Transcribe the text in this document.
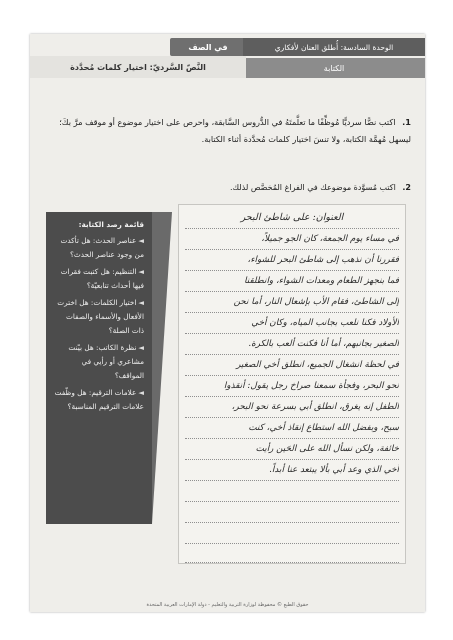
في الصف	الوحدة السادسة: أُطلق العنان لأفكاري
الكتابة
النَّصّ السَّرديّ: اختيار كلمات مُحدَّدة
1. اكتب نصًّا سرديًّا مُوظِّفًا ما تعلَّمتَهُ في الدُّروس السَّابقة، واحرص على اختيار موضوع أو موقف مرَّ بكَ؛ ليسهل مُهمَّة الكتابة، ولا تنسَ اختيار كلمات مُحدَّدة أثناء الكتابة.
2. اكتب مُسوَّدة موضوعك في الفراغ المُخصَّص لذلك.
العنوان: على شاطئ البحر
في مساء يوم الجمعة، كان الجو جميلاً،
فقررنا أن نذهب إلى شاطئ البحر للشواء،
فما بنجهز الطعام ومعدات الشواء، وانطلقنا
إلى الشاطئ، فقام الأب بإشعال النار، أما نحن
الأولاد فكنا نلعب بجانب المياه، وكان أخي
الصغير بجانبهم، أما أنا فكنت ألعب بالكرة.
في لحظة انشغال الجميع، انطلق أخي الصغير
نحو البحر، وفجأة سمعنا صراخ رجل يقول: أنقذوا
الطفل إنه يغرق، انطلق أبي بسرعة نحو البحر،
سبح، وبفضل الله استطاع إنقاذ أخي، كنت
خائفة، ولكن نسأل الله على الحَين رأيت
أخي الذي وعد أبي بألا يبتعد عنا أبداً.
قائمة رصد الكتابة:
◄عناصر الحدث: هل تأكدت من وجود عناصر الحدث؟
◄التنظيم: هل كتبت فقرات فيها أحداث تتابعيّة؟
◄اختيار الكلمات: هل اخترت الأفعال والأسماء والصفات ذات الصلة؟
◄نظرة الكاتب: هل بيّنت مشاعري أو رأيي في المواقف؟
◄علامات الترقيم: هل وظّفت علامات الترقيم المناسبة؟
حقوق الطبع © محفوظة لوزارة التربية والتعليم - دولة الإمارات العربية المتحدة
